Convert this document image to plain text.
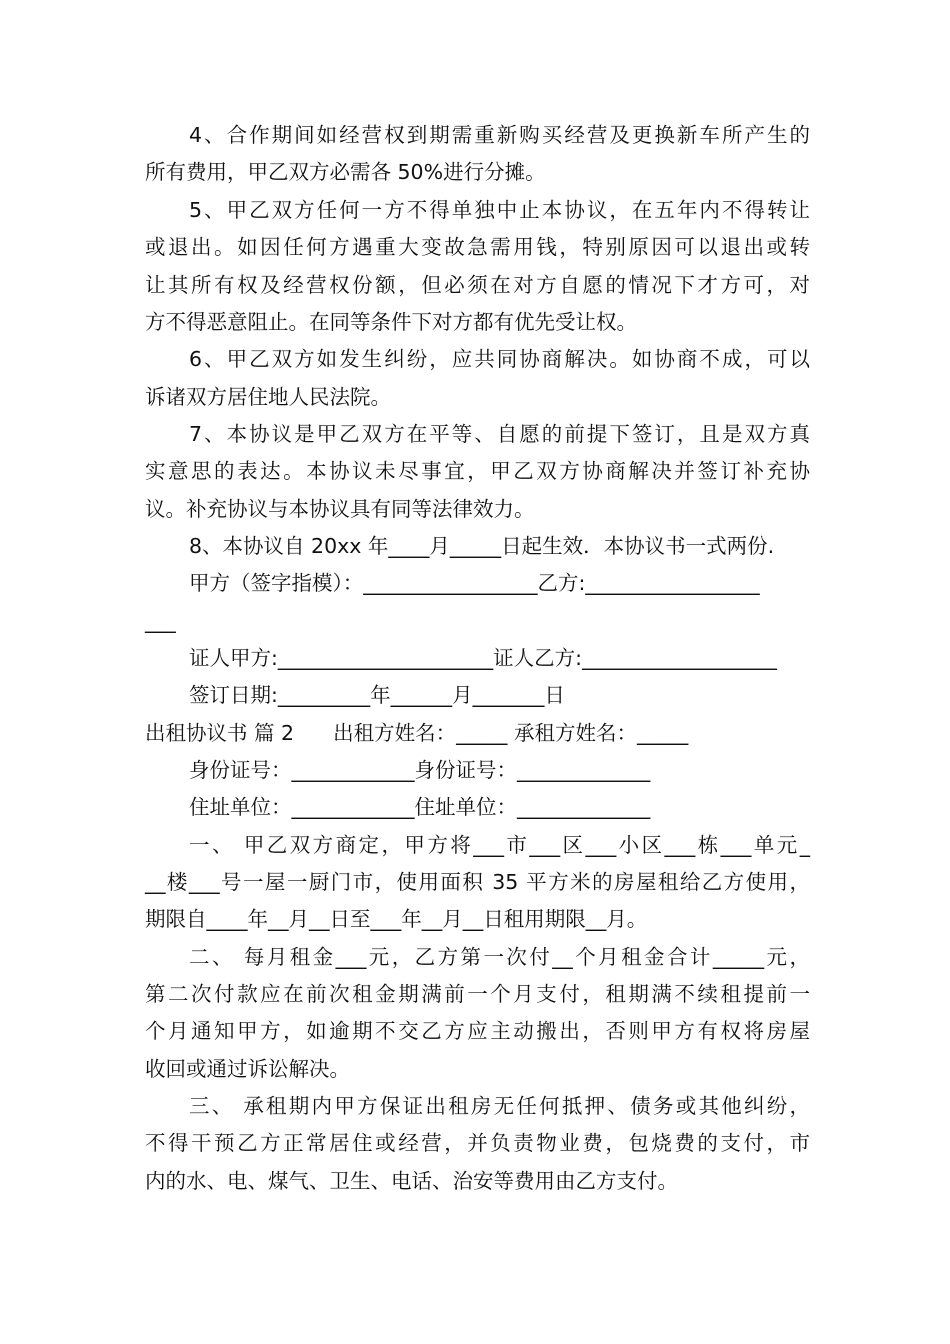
4、合作期间如经营权到期需重新购买经营及更换新车所产生的

所有费用，甲乙双方必需各 50%进行分摊。

5、甲乙双方任何一方不得单独中止本协议，在五年内不得转让

或退出。如因任何方遇重大变故急需用钱，特别原因可以退出或转

让其所有权及经营权份额，但必须在对方自愿的情况下才方可，对

方不得恶意阻止。在同等条件下对方都有优先受让权。

6、甲乙双方如发生纠纷，应共同协商解决。如协商不成，可以

诉诸双方居住地人民法院。

7、本协议是甲乙双方在平等、自愿的前提下签订，且是双方真

实意思的表达。本协议未尽事宜，甲乙双方协商解决并签订补充协

议。补充协议与本协议具有同等法律效力。

8、本协议自 20xx 年____月_____日起生效．本协议书一式两份.

甲方（签字指模）：_________________乙方:_________________

___

证人甲方:_____________________证人乙方:___________________

签订日期:_________年______月_______日

出租协议书 篇 2      出租方姓名：_____ 承租方姓名：_____

身份证号：____________身份证号：_____________

住址单位：____________住址单位：_____________

一、 甲乙双方商定，甲方将___市___区___小区___栋___单元_

__楼___号一屋一厨门市，使用面积 35 平方米的房屋租给乙方使用，

期限自____年__月__日至___年__月__日租用期限__月。

二、 每月租金___元，乙方第一次付__个月租金合计_____元，

第二次付款应在前次租金期满前一个月支付，租期满不续租提前一

个月通知甲方，如逾期不交乙方应主动搬出，否则甲方有权将房屋

收回或通过诉讼解决。

三、 承租期内甲方保证出租房无任何抵押、债务或其他纠纷，

不得干预乙方正常居住或经营，并负责物业费，包烧费的支付，市

内的水、电、煤气、卫生、电话、治安等费用由乙方支付。
